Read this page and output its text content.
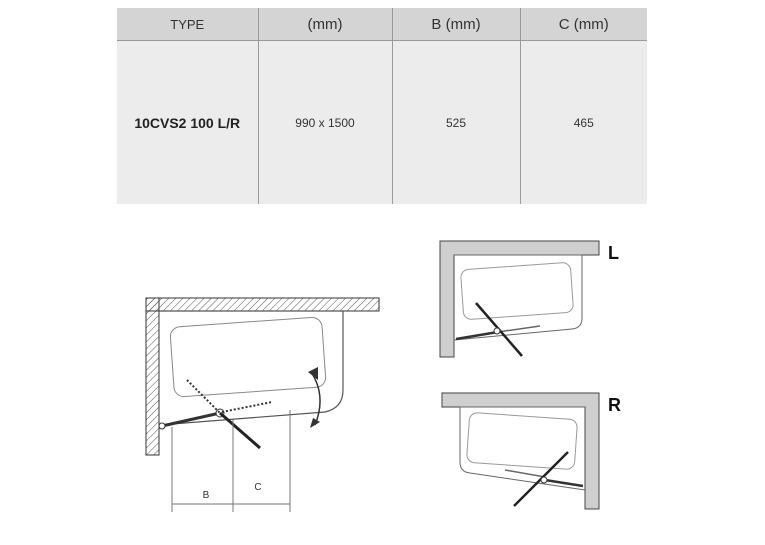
TYPE	(mm)	B (mm)	C (mm)
10CVS2 100 L/R	990 x 1500	525	465
B
C
L
R
